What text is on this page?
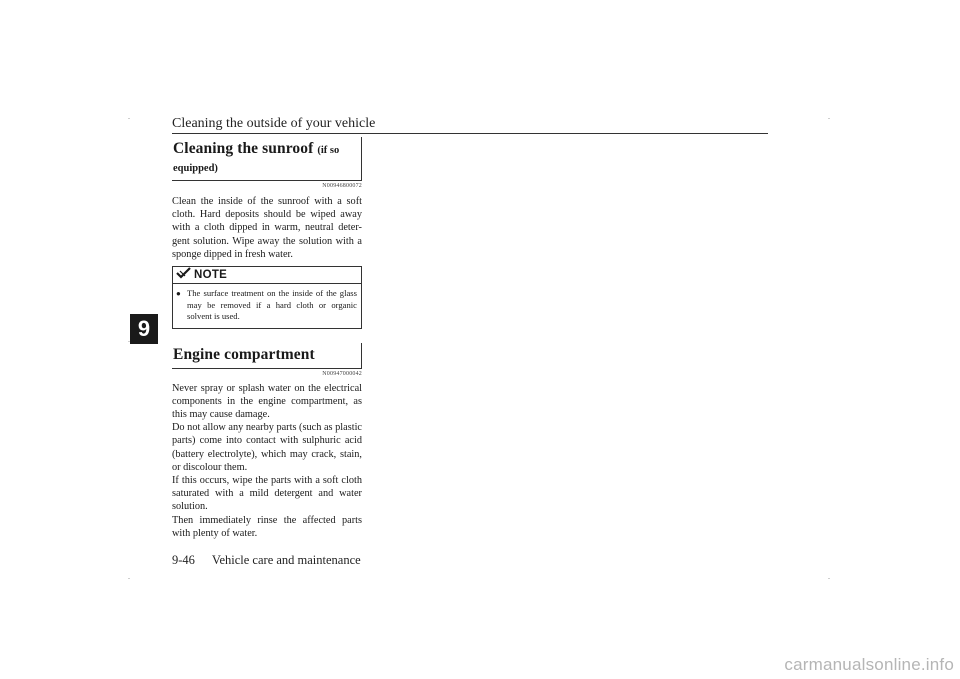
Cleaning the outside of your vehicle
9
Cleaning the sunroof (if so
equipped)
N00946800072

Clean the inside of the sunroof with a soft cloth. Hard deposits should be wiped away with a cloth dipped in warm, neutral deter-gent solution. Wipe away the solution with a sponge dipped in fresh water.

NOTE
● The surface treatment on the inside of the glass may be removed if a hard cloth or organic solvent is used.
Engine compartment
N00947000042

Never spray or splash water on the electrical components in the engine compartment, as this may cause damage.

Do not allow any nearby parts (such as plastic parts) come into contact with sulphuric acid (battery electrolyte), which may crack, stain, or discolour them.

If this occurs, wipe the parts with a soft cloth saturated with a mild detergent and water solution.

Then immediately rinse the affected parts with plenty of water.

9-46 Vehicle care and maintenance
carmanualsonline.info
